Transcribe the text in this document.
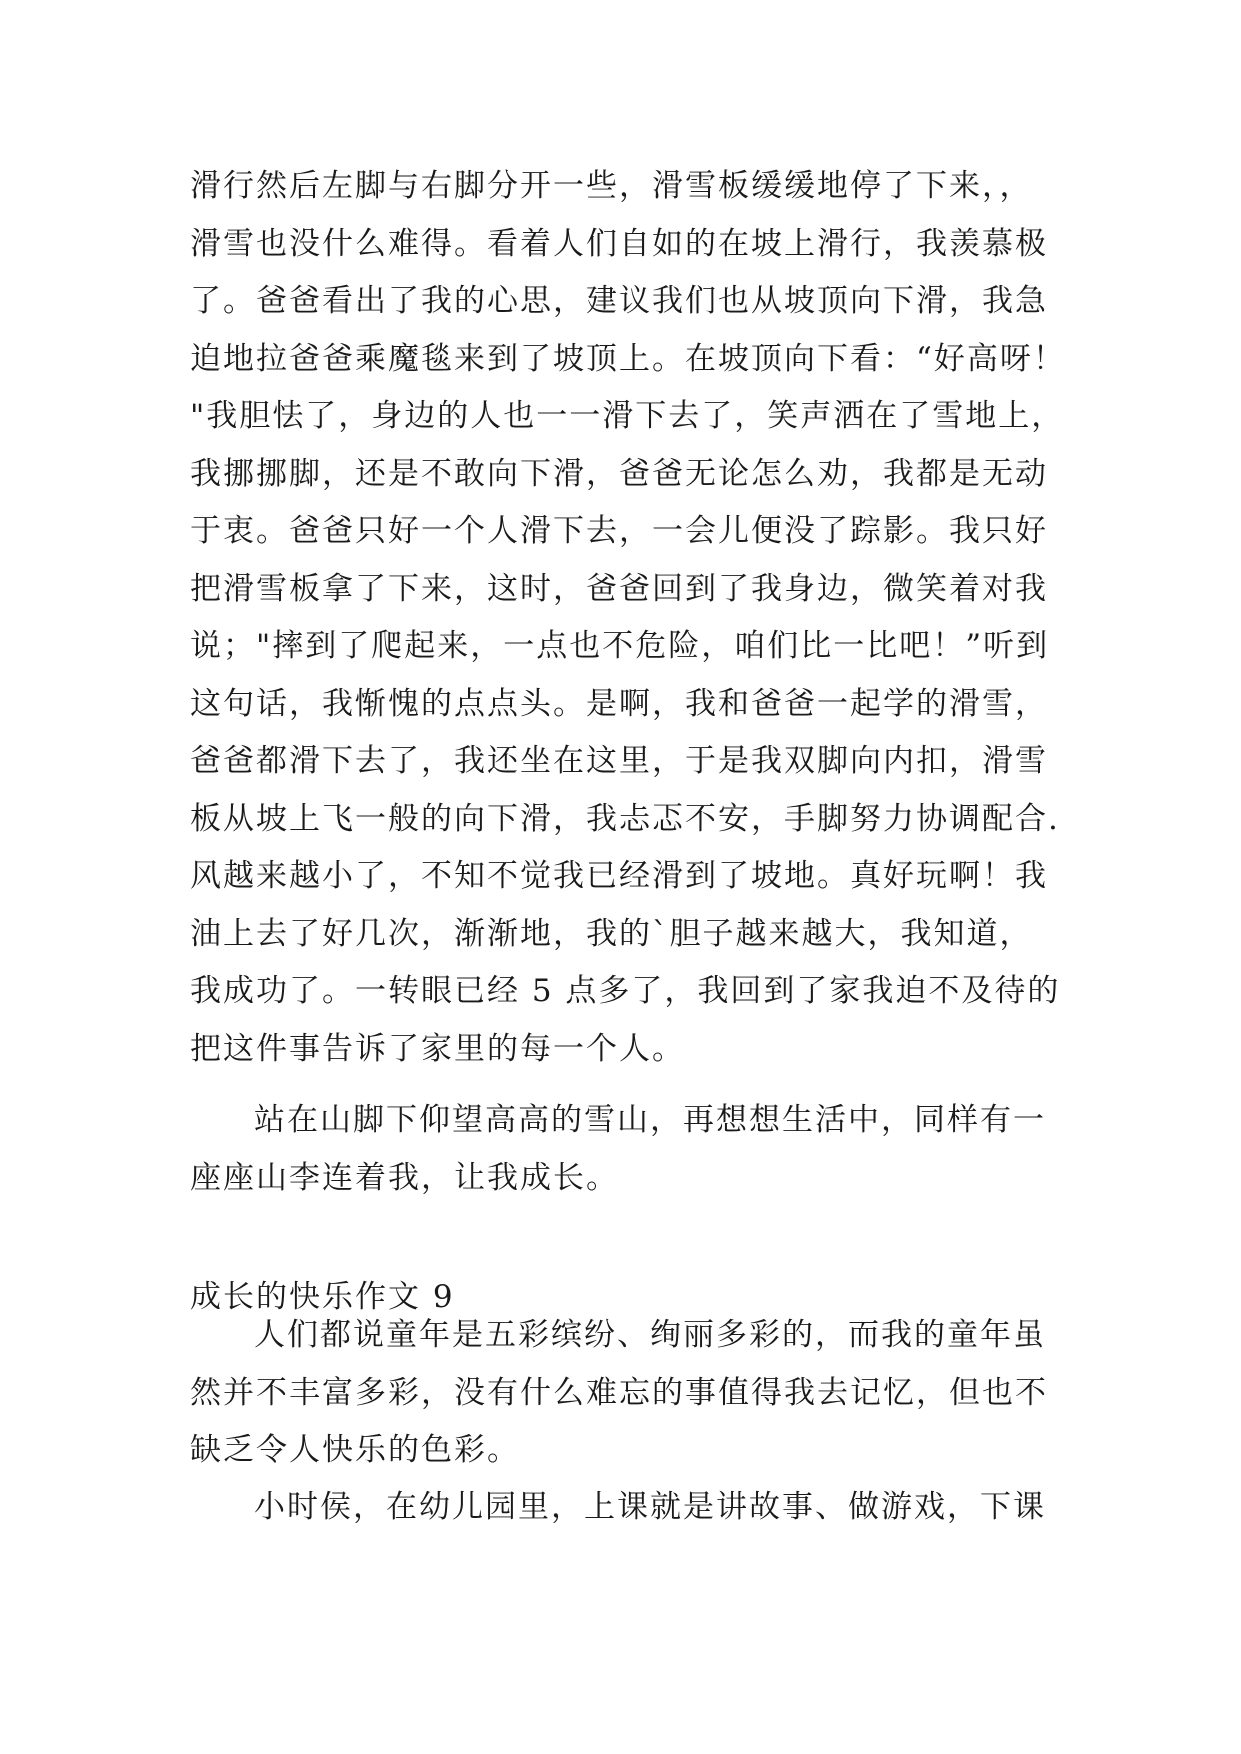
滑行然后左脚与右脚分开一些，滑雪板缓缓地停了下来，，
滑雪也没什么难得。看着人们自如的在坡上滑行，我羡慕极
了。爸爸看出了我的心思，建议我们也从坡顶向下滑，我急
迫地拉爸爸乘魔毯来到了坡顶上。在坡顶向下看：“好高呀！
"我胆怯了，身边的人也一一滑下去了，笑声洒在了雪地上，
我挪挪脚，还是不敢向下滑，爸爸无论怎么劝，我都是无动
于衷。爸爸只好一个人滑下去，一会儿便没了踪影。我只好
把滑雪板拿了下来，这时，爸爸回到了我身边，微笑着对我
说；"摔到了爬起来，一点也不危险，咱们比一比吧！”听到
这句话，我惭愧的点点头。是啊，我和爸爸一起学的滑雪，
爸爸都滑下去了，我还坐在这里，于是我双脚向内扣，滑雪
板从坡上飞一般的向下滑，我忐忑不安，手脚努力协调配合.
风越来越小了，不知不觉我已经滑到了坡地。真好玩啊！我
油上去了好几次，渐渐地，我的`胆子越来越大，我知道，
我成功了。一转眼已经 5 点多了，我回到了家我迫不及待的
把这件事告诉了家里的每一个人。
站在山脚下仰望高高的雪山，再想想生活中，同样有一
座座山李连着我，让我成长。
成长的快乐作文 9
人们都说童年是五彩缤纷、绚丽多彩的，而我的童年虽
然并不丰富多彩，没有什么难忘的事值得我去记忆，但也不
缺乏令人快乐的色彩。
小时侯，在幼儿园里，上课就是讲故事、做游戏，下课
